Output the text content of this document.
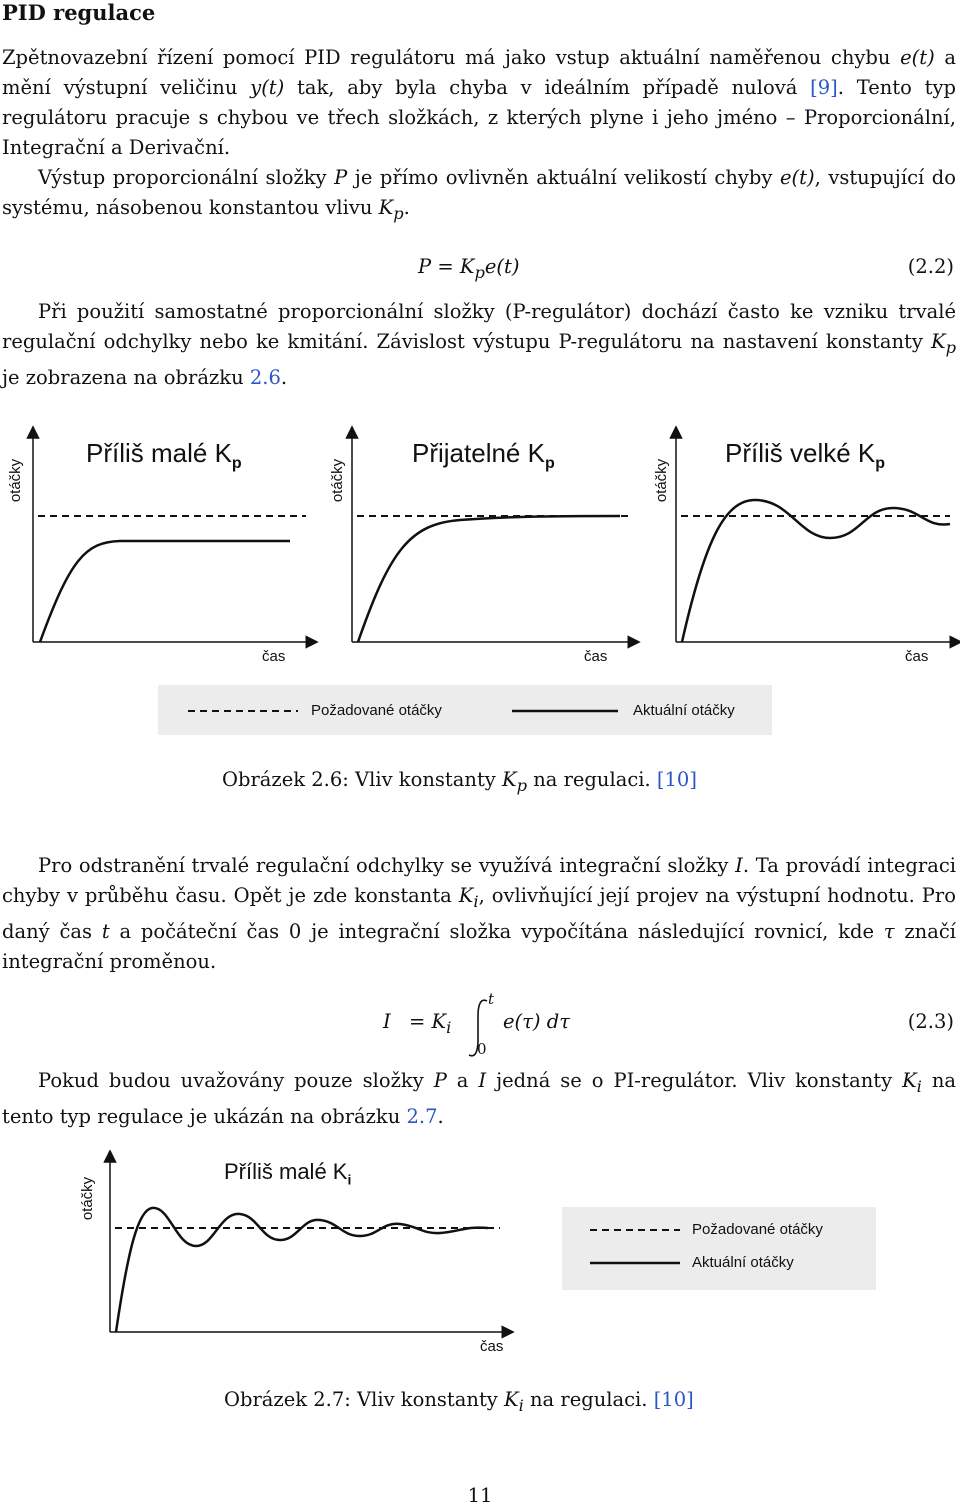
PID regulace
Zpětnovazební řízení pomocí PID regulátoru má jako vstup aktuální naměřenou chybu e(t) a mění výstupní veličinu y(t) tak, aby byla chyba v ideálním případě nulová [9]. Tento typ regulátoru pracuje s chybou ve třech složkách, z kterých plyne i jeho jméno – Proporcionální, Integrační a Derivační.
Výstup proporcionální složky P je přímo ovlivněn aktuální velikostí chyby e(t), vstupující do systému, násobenou konstantou vlivu $K_p$.
$P = K_pe(t)$	(2.2)
Při použití samostatné proporcionální složky (P-regulátor) dochází často ke vzniku trvalé regulační odchylky nebo ke kmitání. Závislost výstupu P-regulátoru na nastavení konstanty $K_p$ je zobrazena na obrázku 2.6.
Příliš malé $K_p$	Přijatelné $K_p$	Příliš velké $K_p$
otáčky	otáčky	otáčky
čas	čas	čas
Požadované otáčky	Aktuální otáčky
Obrázek 2.6: Vliv konstanty $K_p$ na regulaci. [10]
Pro odstranění trvalé regulační odchylky se využívá integrační složky I. Ta provádí integraci chyby v průběhu času. Opět je zde konstanta $K_i$, ovlivňující její projev na výstupní hodnotu. Pro daný čas t a počáteční čas 0 je integrační složka vypočítána následující rovnicí, kde τ značí integrační proměnou.
$I = K_i$
t
0
e(τ) dτ	(2.3)
Pokud budou uvažovány pouze složky P a I jedná se o PI-regulátor. Vliv konstanty $K_i$ na tento typ regulace je ukázán na obrázku 2.7.
Příliš malé $K_i$
otáčky
čas
Požadované otáčky
Aktuální otáčky
Obrázek 2.7: Vliv konstanty $K_i$ na regulaci. [10]
11
